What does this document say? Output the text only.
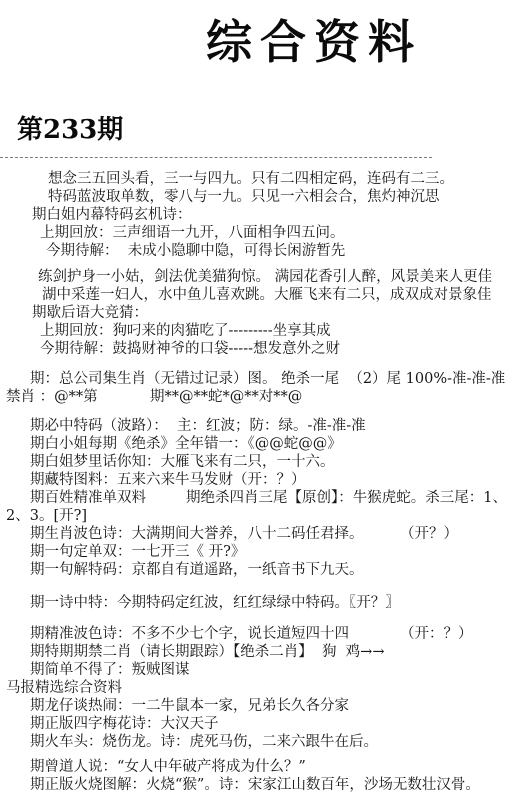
综合资料
第233期
想念三五回头看，三一与四九。只有二四相定码，连码有二三。
特码蓝波取单数，零八与一九。只见一六相会合，焦灼神沉思
期白姐内幕特码玄机诗：
上期回放：三声细语一九开，八面相争四五问。
今期待解：  未成小隐聊中隐，可得长闲游暂先
练剑护身一小姑，剑法优美猫狗惊。 满园花香引人醉，风景美来人更佳
湖中采莲一妇人，水中鱼儿喜欢跳。大雁飞来有二只，成双成对景象佳
期歇后语大竞猜：
上期回放：狗叼来的肉猫吃了---------坐享其成
今期待解：鼓捣财神爷的口袋-----想发意外之财
期：总公司集生肖（无错过记录）图。 绝杀一尾  （2）尾 100%-准-准-准
禁肖 ：@**第	期**@**蛇*@**对**@
期必中特码（波路）：  主：红波；防：绿。-准-准-准
期白小姐每期《绝杀》全年错一：《@@蛇@@》
期白姐梦里话你知：大雁飞来有二只，一十六。
期藏特图料：五来六来牛马发财（开：？）
期百姓精准单双料	期绝杀四肖三尾【原创】：牛猴虎蛇。杀三尾：1、
2、3。[开?]
期生肖波色诗：大满期间大誉养，八十二码任君择。	（开？）
期一句定单双：一七开三《 开?》
期一句解特码：京都自有道遥路，一纸音书下九天。
期一诗中特：今期特码定红波，红红绿绿中特码。〖开？〗
期精准波色诗：不多不少七个字，说长道短四十四	（开：？）
期特期期禁二肖（请长期跟踪）【绝杀二肖】  狗  鸡→→
期简单不得了：叛贼图谋
马报精选综合资料
期龙仔谈热闹：一二牛鼠本一家，兄弟长久各分家
期正版四字梅花诗：大汉天子
期火车头：烧伤龙。诗：虎死马伤，二来六跟牛在后。
期曾道人说：“女人中年破产将成为什么？”
期正版火烧图解：火烧“猴”。诗：宋家江山数百年，沙场无数壮汉骨。
